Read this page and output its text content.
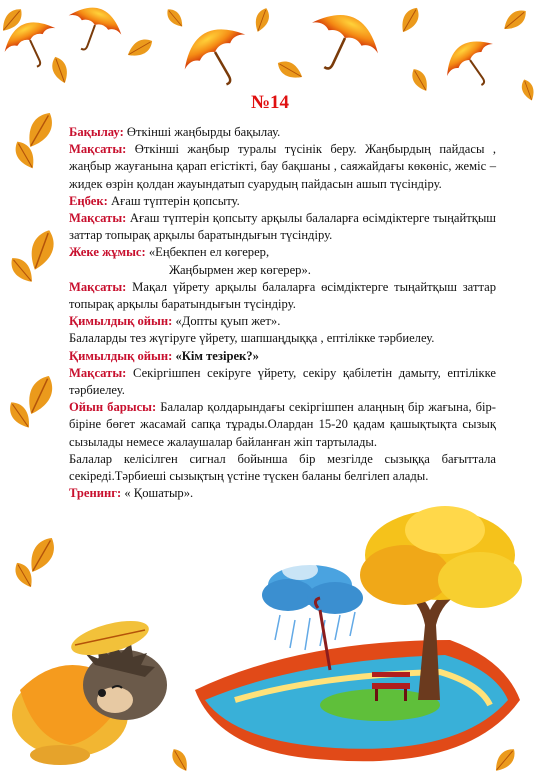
№14

Бақылау: Өткінші жаңбырды бақылау.

Мақсаты: Өткінші жаңбыр туралы түсінік беру. Жаңбырдың пайдасы , жаңбыр жауғанына қарап егістікті, бау бақшаны , саяжайдағы көкөніс, жеміс –жидек өзрін қолдан жауындатып суарудың пайдасын ашып түсіндіру.

Еңбек: Ағаш түптерін қопсыту.

Мақсаты: Ағаш түптерін қопсыту арқылы балаларға өсімдіктерге тыңайтқыш заттар топырақ арқылы баратындығын түсіндіру.

Жеке жұмыс: «Еңбекпен ел көгерер,

Жаңбырмен жер көгерер».

Мақсаты: Мақал үйрету арқылы балаларға өсімдіктерге тыңайтқыш заттар топырақ арқылы баратындығын түсіндіру.

Қимылдық ойын: «Допты қуып жет».

Балаларды тез жүгіруге үйрету, шапшаңдыққа , ептілікке тәрбиелеу.

Қимылдық ойын: «Кім тезірек?»

Мақсаты: Секіргішпен секіруге үйрету, секіру қабілетін дамыту, ептілікке тәрбиелеу.

Ойын барысы: Балалар қолдарындағы секіргішпен алаңның бір жағына, бір-біріне бөгет жасамай сапқа тұрады.Олардан 15-20 қадам қашықтықта сызық сызылады немесе жалаушалар байланған жіп тартылады.

Балалар келісілген сигнал бойынша бір мезгілде сызыққа бағыттала секіреді.Тәрбиеші сызықтың үстіне түскен баланы белгілеп алады.

Тренинг: « Қошатыр».
